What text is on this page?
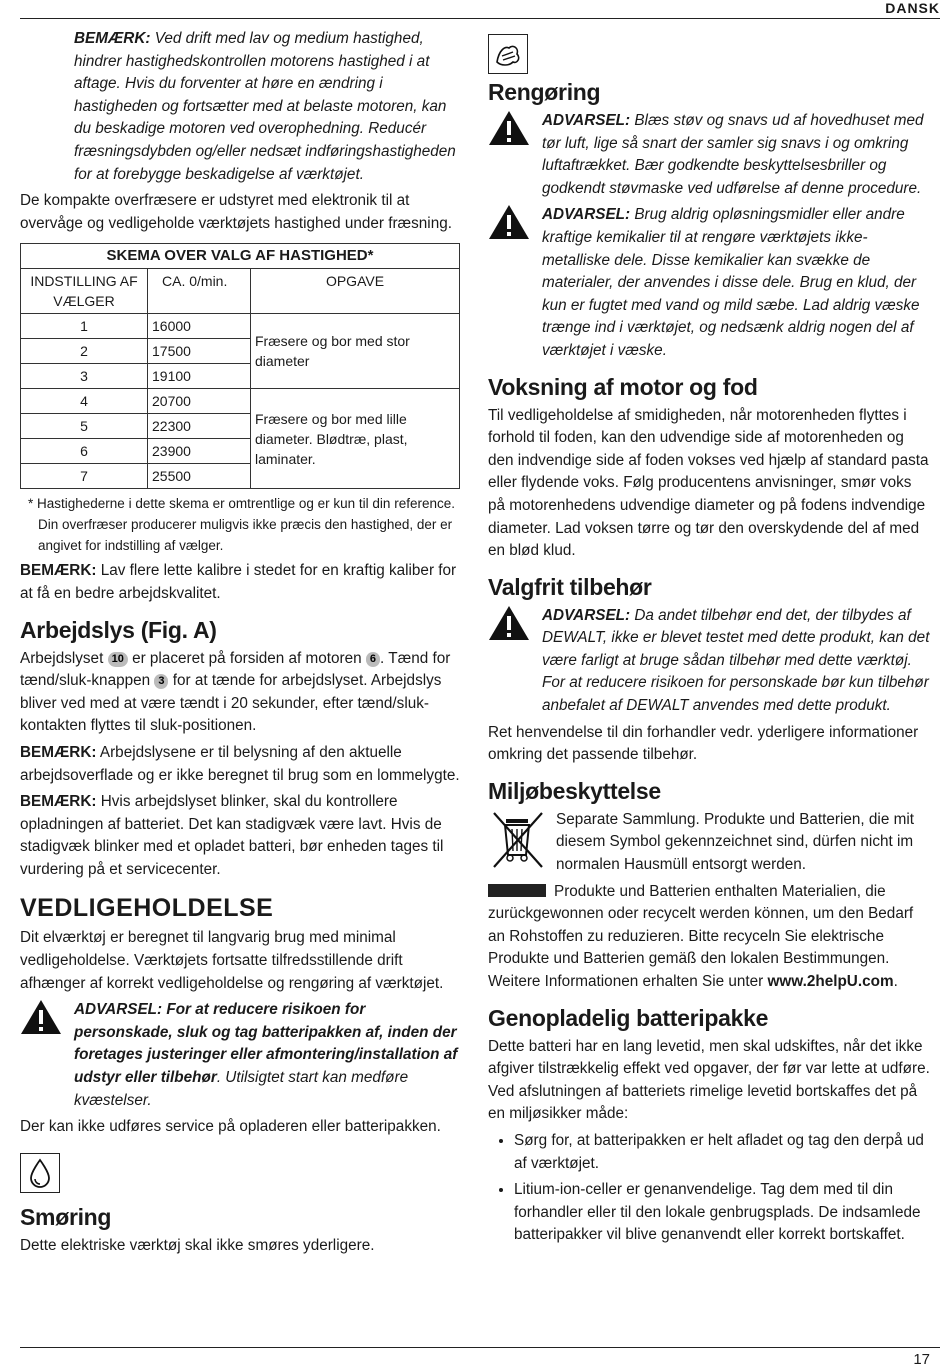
DANSK

BEMÆRK: Ved drift med lav og medium hastighed, hindrer hastighedskontrollen motorens hastighed i at aftage. Hvis du forventer at høre en ændring i hastigheden og fortsætter med at belaste motoren, kan du beskadige motoren ved overophedning. Reducér fræsningsdybden og/eller nedsæt indføringshastigheden for at forebygge beskadigelse af værktøjet.

De kompakte overfræsere er udstyret med elektronik til at overvåge og vedligeholde værktøjets hastighed under fræsning.

SKEMA OVER VALG AF HASTIGHED*		
INDSTILLING AF VÆLGER	CA. 0/min.	OPGAVE
1	16000	Fræsere og bor med stor diameter
2	17500	
3	19100	
4	20700	Fræsere og bor med lille diameter. Blødtræ, plast, laminater.
5	22300	
6	23900	
7	25500	

* Hastighederne i dette skema er omtrentlige og er kun til din reference. Din overfræser producerer muligvis ikke præcis den hastighed, der er angivet for indstilling af vælger.

BEMÆRK: Lav flere lette kalibre i stedet for en kraftig kaliber for at få en bedre arbejdskvalitet.

Arbejdslys (Fig. A)

Arbejdslyset 10 er placeret på forsiden af motoren 6 . Tænd for tænd/sluk-knappen 3 for at tænde for arbejdslyset. Arbejdslys bliver ved med at være tændt i 20 sekunder, efter tænd/sluk-kontakten flyttes til sluk-positionen.

BEMÆRK: Arbejdslysene er til belysning af den aktuelle arbejdsoverflade og er ikke beregnet til brug som en lommelygte.

BEMÆRK: Hvis arbejdslyset blinker, skal du kontrollere opladningen af batteriet. Det kan stadigvæk være lavt. Hvis de stadigvæk blinker med et opladet batteri, bør enheden tages til vurdering på et servicecenter.

VEDLIGEHOLDELSE

Dit elværktøj er beregnet til langvarig brug med minimal vedligeholdelse. Værktøjets fortsatte tilfredsstillende drift afhænger af korrekt vedligeholdelse og rengøring af værktøjet.

ADVARSEL: For at reducere risikoen for personskade, sluk og tag batteripakken af, inden der foretages justeringer eller afmontering/installation af udstyr eller tilbehør. Utilsigtet start kan medføre kvæstelser.

Der kan ikke udføres service på opladeren eller batteripakken.

Smøring

Dette elektriske værktøj skal ikke smøres yderligere.

Rengøring
ADVARSEL: Blæs støv og snavs ud af hovedhuset med tør luft, lige så snart der samler sig snavs i og omkring luftaftrækket. Bær godkendte beskyttelsesbriller og godkendt støvmaske ved udførelse af denne procedure.
ADVARSEL: Brug aldrig opløsningsmidler eller andre kraftige kemikalier til at rengøre værktøjets ikke-metalliske dele. Disse kemikalier kan svække de materialer, der anvendes i disse dele. Brug en klud, der kun er fugtet med vand og mild sæbe. Lad aldrig væske trænge ind i værktøjet, og nedsænk aldrig nogen del af værktøjet i væske.
Voksning af motor og fod

Til vedligeholdelse af smidigheden, når motorenheden flyttes i forhold til foden, kan den udvendige side af motorenheden og den indvendige side af foden vokses ved hjælp af standard pasta eller flydende voks. Følg producentens anvisninger, smør voks på motorenhedens udvendige diameter og på fodens indvendige diameter. Lad voksen tørre og tør den overskydende del af med en blød klud.

Valgfrit tilbehør
ADVARSEL: Da andet tilbehør end det, der tilbydes af DEWALT, ikke er blevet testet med dette produkt, kan det være farligt at bruge sådan tilbehør med dette værktøj. For at reducere risikoen for personskade bør kun tilbehør anbefalet af DEWALT anvendes med dette produkt.

Ret henvendelse til din forhandler vedr. yderligere informationer omkring det passende tilbehør.

Miljøbeskyttelse

Separate Sammlung. Produkte und Batterien, die mit diesem Symbol gekennzeichnet sind, dürfen nicht im normalen Hausmüll entsorgt werden.

Produkte und Batterien enthalten Materialien, die zurückgewonnen oder recycelt werden können, um den Bedarf an Rohstoffen zu reduzieren. Bitte recyceln Sie elektrische Produkte und Batterien gemäß den lokalen Bestimmungen. Weitere Informationen erhalten Sie unter www.2helpU.com.

Genopladelig batteripakke

Dette batteri har en lang levetid, men skal udskiftes, når det ikke afgiver tilstrækkelig effekt ved opgaver, der før var lette at udføre. Ved afslutningen af batteriets rimelige levetid bortskaffes det på en miljøsikker måde:

• Sørg for, at batteripakken er helt afladet og tag den derpå ud af værktøjet.
• Litium-ion-celler er genanvendelige. Tag dem med til din forhandler eller til den lokale genbrugsplads. De indsamlede batteripakker vil blive genanvendt eller korrekt bortskaffet.
17
